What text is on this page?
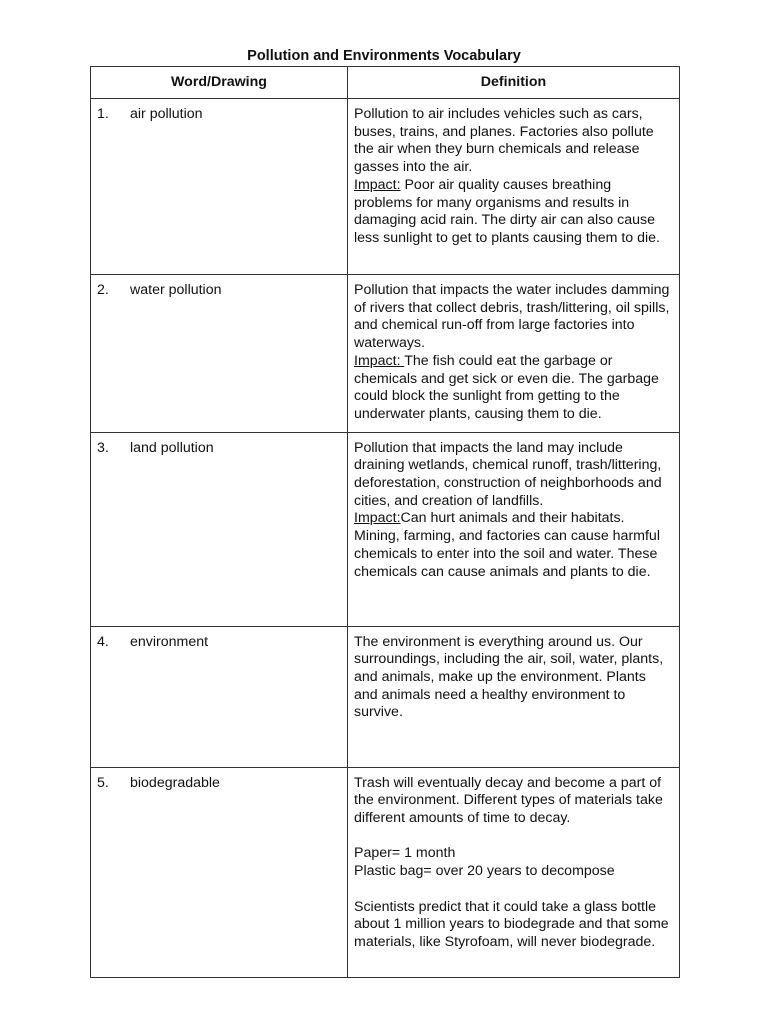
Pollution and Environments Vocabulary
Word/Drawing	Definition
1. air pollution	Pollution to air includes vehicles such as cars, buses, trains, and planes. Factories also pollute the air when they burn chemicals and release gasses into the air.
Impact: Poor air quality causes breathing problems for many organisms and results in damaging acid rain. The dirty air can also cause less sunlight to get to plants causing them to die.

2. water pollution	Pollution that impacts the water includes damming of rivers that collect debris, trash/littering, oil spills, and chemical run-off from large factories into waterways.
Impact: The fish could eat the garbage or chemicals and get sick or even die. The garbage could block the sunlight from getting to the underwater plants, causing them to die.

3. land pollution	Pollution that impacts the land may include draining wetlands, chemical runoff, trash/littering, deforestation, construction of neighborhoods and cities, and creation of landfills.
Impact:Can hurt animals and their habitats. Mining, farming, and factories can cause harmful chemicals to enter into the soil and water. These chemicals can cause animals and plants to die.

4. environment	The environment is everything around us. Our surroundings, including the air, soil, water, plants, and animals, make up the environment. Plants and animals need a healthy environment to survive.

5. biodegradable	Trash will eventually decay and become a part of the environment. Different types of materials take different amounts of time to decay.
Paper= 1 month
Plastic bag= over 20 years to decompose
Scientists predict that it could take a glass bottle about 1 million years to biodegrade and that some materials, like Styrofoam, will never biodegrade.
